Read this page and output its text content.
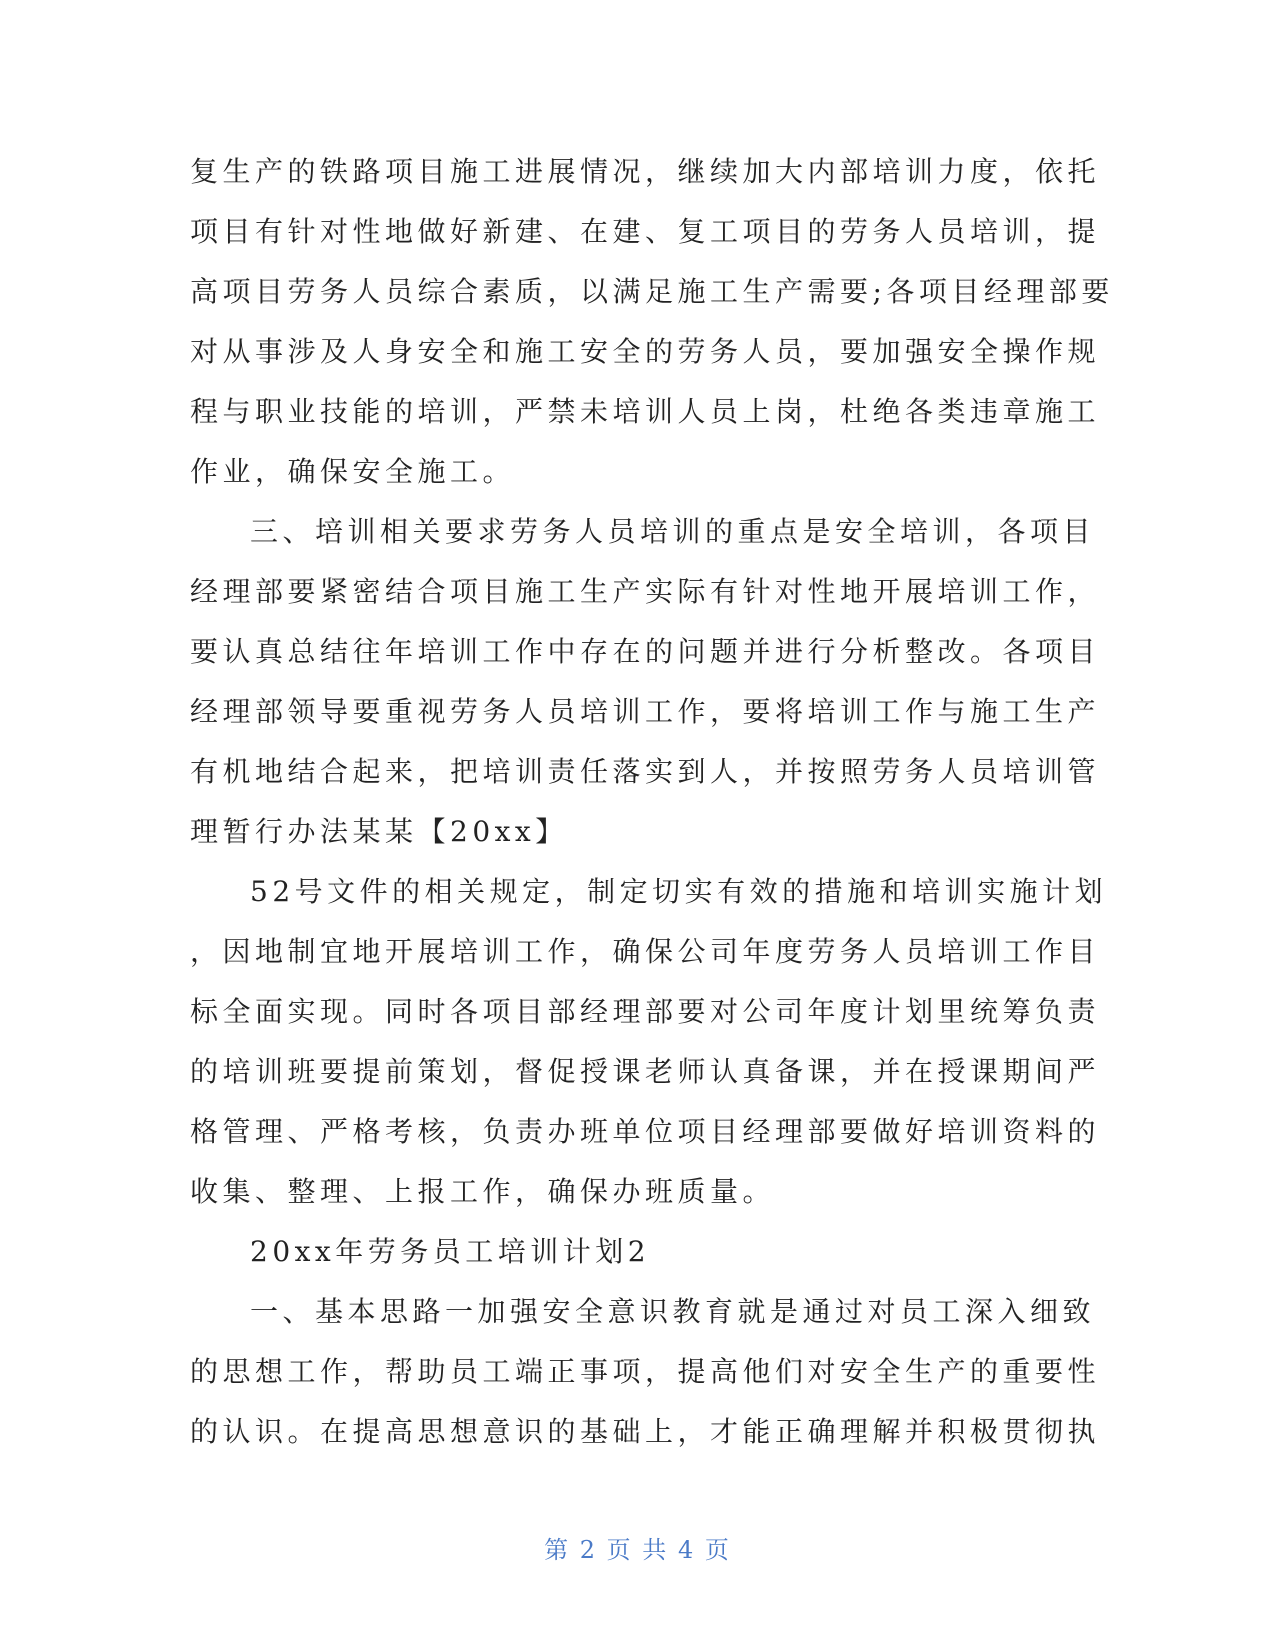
复生产的铁路项目施工进展情况，继续加大内部培训力度，依托
项目有针对性地做好新建、在建、复工项目的劳务人员培训，提
高项目劳务人员综合素质，以满足施工生产需要;各项目经理部要
对从事涉及人身安全和施工安全的劳务人员，要加强安全操作规
程与职业技能的培训，严禁未培训人员上岗，杜绝各类违章施工
作业，确保安全施工。
三、培训相关要求劳务人员培训的重点是安全培训，各项目
经理部要紧密结合项目施工生产实际有针对性地开展培训工作，
要认真总结往年培训工作中存在的问题并进行分析整改。各项目
经理部领导要重视劳务人员培训工作，要将培训工作与施工生产
有机地结合起来，把培训责任落实到人，并按照劳务人员培训管
理暂行办法某某【20xx】
52号文件的相关规定，制定切实有效的措施和培训实施计划
，因地制宜地开展培训工作，确保公司年度劳务人员培训工作目
标全面实现。同时各项目部经理部要对公司年度计划里统筹负责
的培训班要提前策划，督促授课老师认真备课，并在授课期间严
格管理、严格考核，负责办班单位项目经理部要做好培训资料的
收集、整理、上报工作，确保办班质量。
20xx年劳务员工培训计划2
一、基本思路一加强安全意识教育就是通过对员工深入细致
的思想工作，帮助员工端正事项，提高他们对安全生产的重要性
的认识。在提高思想意识的基础上，才能正确理解并积极贯彻执
第 2 页 共 4 页
